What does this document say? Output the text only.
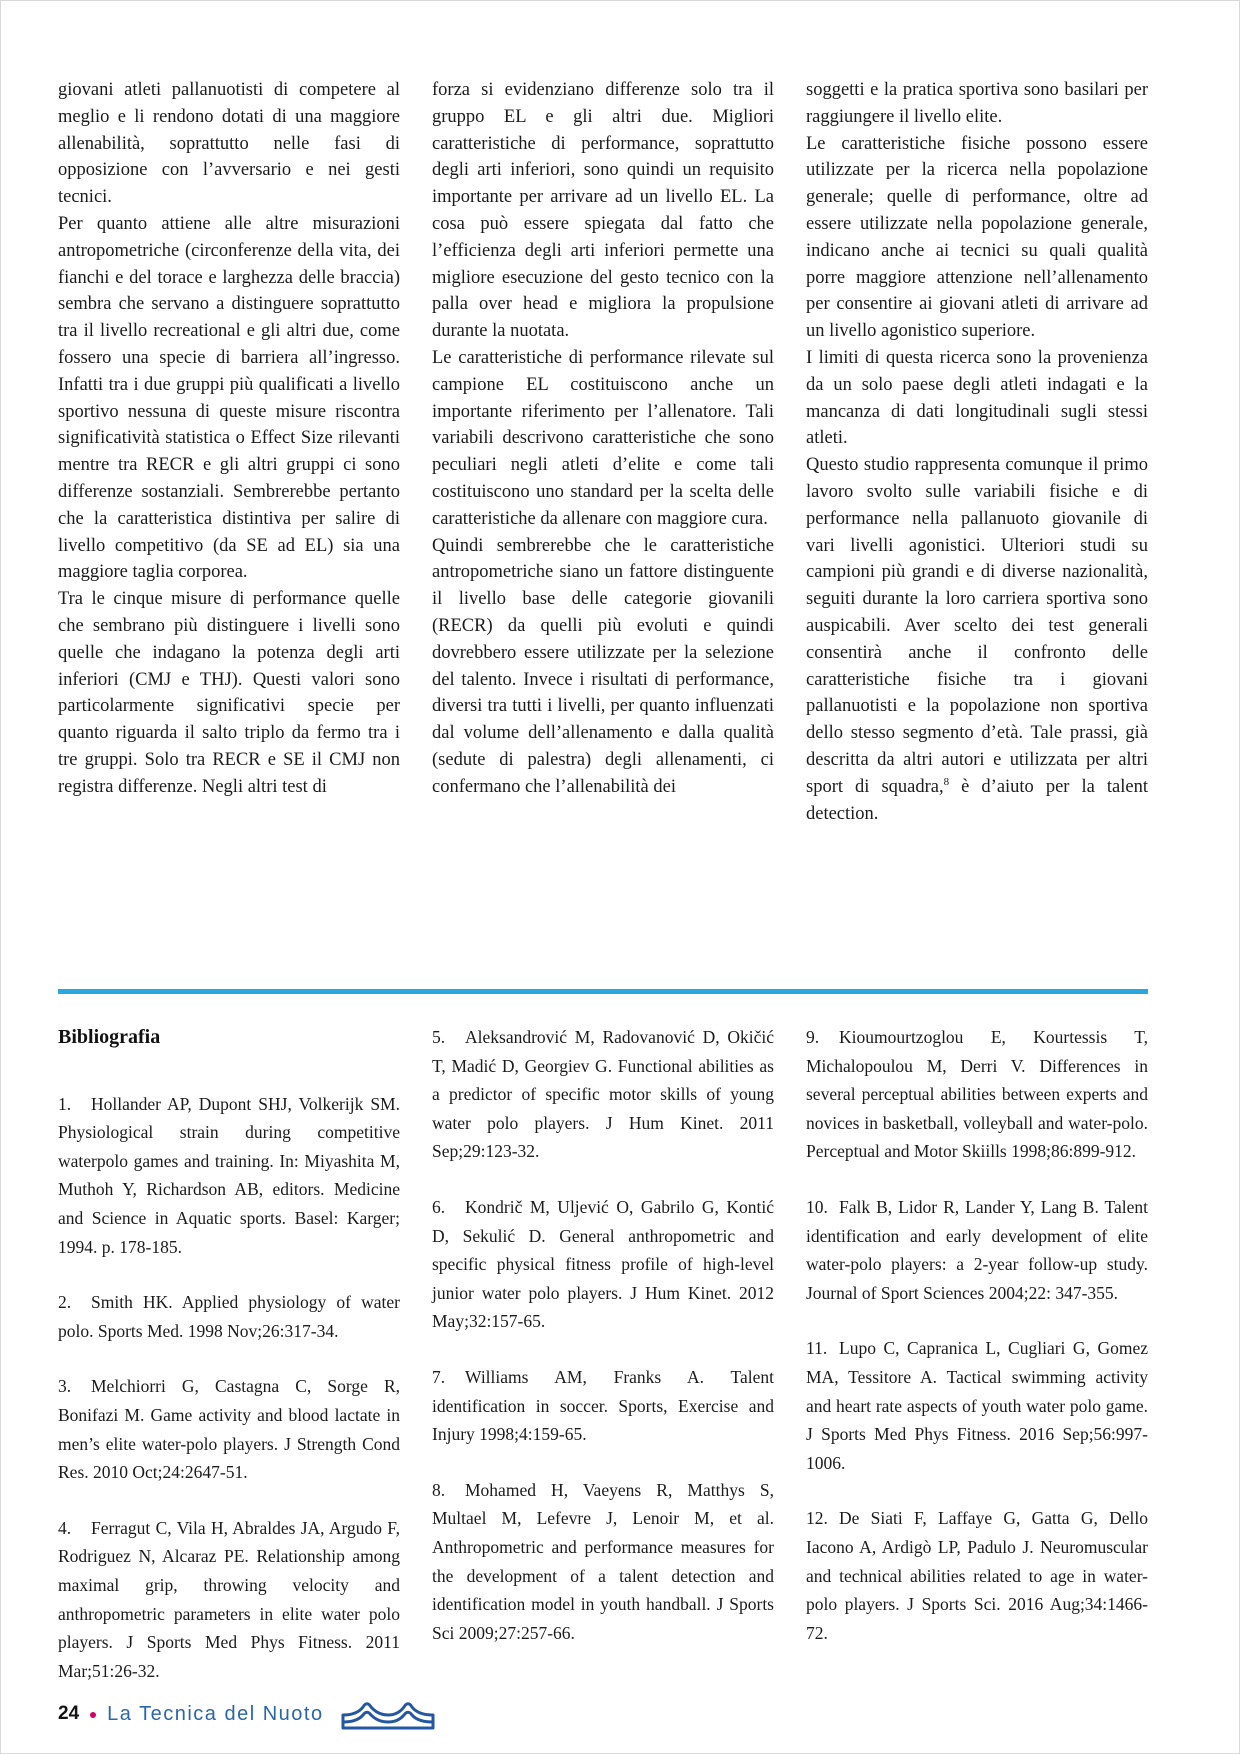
giovani atleti pallanuotisti di competere al meglio e li rendono dotati di una maggiore allenabilità, soprattutto nelle fasi di opposizione con l’avversario e nei gesti tecnici.

Per quanto attiene alle altre misurazioni antropometriche (circonferenze della vita, dei fianchi e del torace e larghezza delle braccia) sembra che servano a distinguere soprattutto tra il livello recreational e gli altri due, come fossero una specie di barriera all’ingresso. Infatti tra i due gruppi più qualificati a livello sportivo nessuna di queste misure riscontra significatività statistica o Effect Size rilevanti mentre tra RECR e gli altri gruppi ci sono differenze sostanziali. Sembrerebbe pertanto che la caratteristica distintiva per salire di livello competitivo (da SE ad EL) sia una maggiore taglia corporea.

Tra le cinque misure di performance quelle che sembrano più distinguere i livelli sono quelle che indagano la potenza degli arti inferiori (CMJ e THJ). Questi valori sono particolarmente significativi specie per quanto riguarda il salto triplo da fermo tra i tre gruppi. Solo tra RECR e SE il CMJ non registra differenze. Negli altri test di

forza si evidenziano differenze solo tra il gruppo EL e gli altri due. Migliori caratteristiche di performance, soprattutto degli arti inferiori, sono quindi un requisito importante per arrivare ad un livello EL. La cosa può essere spiegata dal fatto che l’efficienza degli arti inferiori permette una migliore esecuzione del gesto tecnico con la palla over head e migliora la propulsione durante la nuotata.

Le caratteristiche di performance rilevate sul campione EL costituiscono anche un importante riferimento per l’allenatore. Tali variabili descrivono caratteristiche che sono peculiari negli atleti d’elite e come tali costituiscono uno standard per la scelta delle caratteristiche da allenare con maggiore cura.

Quindi sembrerebbe che le caratteristiche antropometriche siano un fattore distinguente il livello base delle categorie giovanili (RECR) da quelli più evoluti e quindi dovrebbero essere utilizzate per la selezione del talento. Invece i risultati di performance, diversi tra tutti i livelli, per quanto influenzati dal volume dell’allenamento e dalla qualità (sedute di palestra) degli allenamenti, ci confermano che l’allenabilità dei

soggetti e la pratica sportiva sono basilari per raggiungere il livello elite.

Le caratteristiche fisiche possono essere utilizzate per la ricerca nella popolazione generale; quelle di performance, oltre ad essere utilizzate nella popolazione generale, indicano anche ai tecnici su quali qualità porre maggiore attenzione nell’allenamento per consentire ai giovani atleti di arrivare ad un livello agonistico superiore.

I limiti di questa ricerca sono la provenienza da un solo paese degli atleti indagati e la mancanza di dati longitudinali sugli stessi atleti.

Questo studio rappresenta comunque il primo lavoro svolto sulle variabili fisiche e di performance nella pallanuoto giovanile di vari livelli agonistici. Ulteriori studi su campioni più grandi e di diverse nazionalità, seguiti durante la loro carriera sportiva sono auspicabili. Aver scelto dei test generali consentirà anche il confronto delle caratteristiche fisiche tra i giovani pallanuotisti e la popolazione non sportiva dello stesso segmento d’età. Tale prassi, già descritta da altri autori e utilizzata per altri sport di squadra,$^8$ è d’aiuto per la talent detection.

Bibliografia

1. Hollander AP, Dupont SHJ, Volkerijk SM. Physiological strain during competitive waterpolo games and training. In: Miyashita M, Muthoh Y, Richardson AB, editors. Medicine and Science in Aquatic sports. Basel: Karger; 1994. p. 178-185.

2. Smith HK. Applied physiology of water polo. Sports Med. 1998 Nov;26:317-34.

3. Melchiorri G, Castagna C, Sorge R, Bonifazi M. Game activity and blood lactate in men’s elite water-polo players. J Strength Cond Res. 2010 Oct;24:2647-51.

4. Ferragut C, Vila H, Abraldes JA, Argudo F, Rodriguez N, Alcaraz PE. Relationship among maximal grip, throwing velocity and anthropometric parameters in elite water polo players. J Sports Med Phys Fitness. 2011 Mar;51:26-32.

5. Aleksandrović M, Radovanović D, Okičić T, Madić D, Georgiev G. Functional abilities as a predictor of specific motor skills of young water polo players. J Hum Kinet. 2011 Sep;29:123-32.

6. Kondrič M, Uljević O, Gabrilo G, Kontić D, Sekulić D. General anthropometric and specific physical fitness profile of high-level junior water polo players. J Hum Kinet. 2012 May;32:157-65.

7. Williams AM, Franks A. Talent identification in soccer. Sports, Exercise and Injury 1998;4:159-65.

8. Mohamed H, Vaeyens R, Matthys S, Multael M, Lefevre J, Lenoir M, et al. Anthropometric and performance measures for the development of a talent detection and identification model in youth handball. J Sports Sci 2009;27:257-66.

9. Kioumourtzoglou E, Kourtessis T, Michalopoulou M, Derri V. Differences in several perceptual abilities between experts and novices in basketball, volleyball and water-polo. Perceptual and Motor Skiills 1998;86:899-912.

10. Falk B, Lidor R, Lander Y, Lang B. Talent identification and early development of elite water-polo players: a 2-year follow-up study. Journal of Sport Sciences 2004;22: 347-355.

11. Lupo C, Capranica L, Cugliari G, Gomez MA, Tessitore A. Tactical swimming activity and heart rate aspects of youth water polo game. J Sports Med Phys Fitness. 2016 Sep;56:997-1006.

12. De Siati F, Laffaye G, Gatta G, Dello Iacono A, Ardigò LP, Padulo J. Neuromuscular and technical abilities related to age in water-polo players. J Sports Sci. 2016 Aug;34:1466-72.

24 La Tecnica del Nuoto
